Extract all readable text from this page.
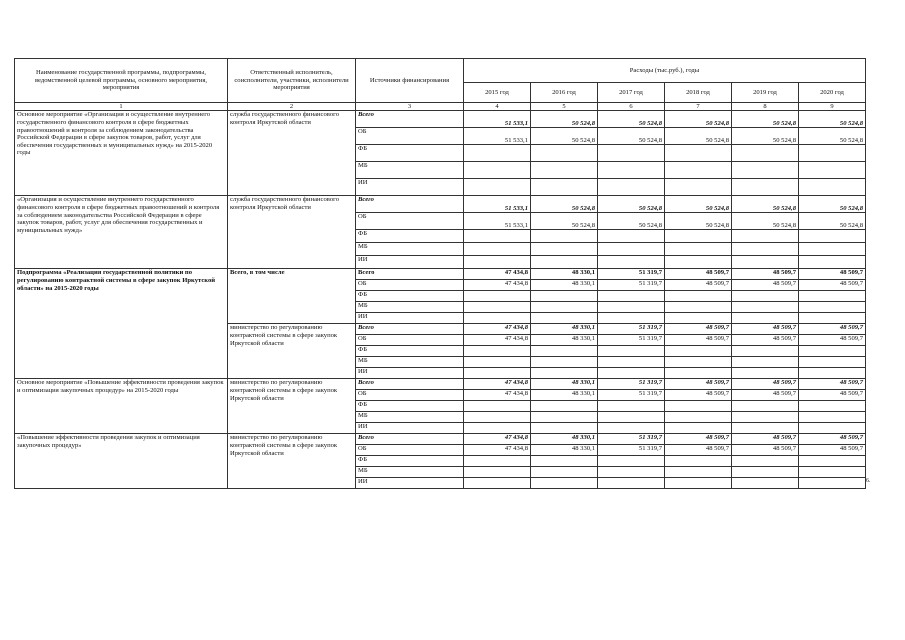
Наименование государственной программы, подпрограммы, ведомственной целевой программы, основного мероприятия, мероприятия	Ответственный исполнитель, соисполнители, участники, исполнители мероприятия	Источники финансирования	Расходы (тыс.руб.), годы					
			2015 год	2016 год	2017 год	2018 год	2019 год	2020 год
1	2	3	4	5	6	7	8	9
Основное мероприятие «Организация и осуществление внутреннего государственного финансового контроля в сфере бюджетных правоотношений и контроля за соблюдением законодательства Российской Федерации в сфере закупок товаров, работ, услуг для обеспечения государственных и муниципальных нужд» на 2015-2020 годы	служба государственного финансового контроля Иркутской области	Всего	51 533,1	50 524,8	50 524,8	50 524,8	50 524,8	50 524,8
		ОБ	51 533,1	50 524,8	50 524,8	50 524,8	50 524,8	50 524,8
		ФБ						
		МБ						
		ИИ						
«Организация и осуществление внутреннего государственного финансового контроля в сфере бюджетных правоотношений и контроля за соблюдением законодательства Российской Федерации в сфере закупок товаров, работ, услуг для обеспечения государственных и муниципальных нужд»	служба государственного финансового контроля Иркутской области	Всего	51 533,1	50 524,8	50 524,8	50 524,8	50 524,8	50 524,8
		ОБ	51 533,1	50 524,8	50 524,8	50 524,8	50 524,8	50 524,8
		ФБ						
		МБ						
		ИИ						
Подпрограмма «Реализация государственной политики по регулированию контрактной системы в сфере закупок Иркутской области» на 2015-2020 годы	Всего, в том числе	Всего	47 434,8	48 330,1	51 319,7	48 509,7	48 509,7	48 509,7
		ОБ	47 434,8	48 330,1	51 319,7	48 509,7	48 509,7	48 509,7
		ФБ						
		МБ						
		ИИ						
	министерство по регулированию контрактной системы в сфере закупок Иркутской области	Всего	47 434,8	48 330,1	51 319,7	48 509,7	48 509,7	48 509,7
		ОБ	47 434,8	48 330,1	51 319,7	48 509,7	48 509,7	48 509,7
		ФБ						
		МБ						
		ИИ						
Основное мероприятие «Повышение эффективности проведения закупок и оптимизация закупочных процедур» на 2015-2020 годы	министерство по регулированию контрактной системы в сфере закупок Иркутской области	Всего	47 434,8	48 330,1	51 319,7	48 509,7	48 509,7	48 509,7
		ОБ	47 434,8	48 330,1	51 319,7	48 509,7	48 509,7	48 509,7
		ФБ						
		МБ						
		ИИ						
«Повышение эффективности проведения закупок и оптимизация закупочных процедур»	министерство по регулированию контрактной системы в сфере закупок Иркутской области	Всего	47 434,8	48 330,1	51 319,7	48 509,7	48 509,7	48 509,7
		ОБ	47 434,8	48 330,1	51 319,7	48 509,7	48 509,7	48 509,7
		ФБ						
		МБ						
		ИИ							6.
